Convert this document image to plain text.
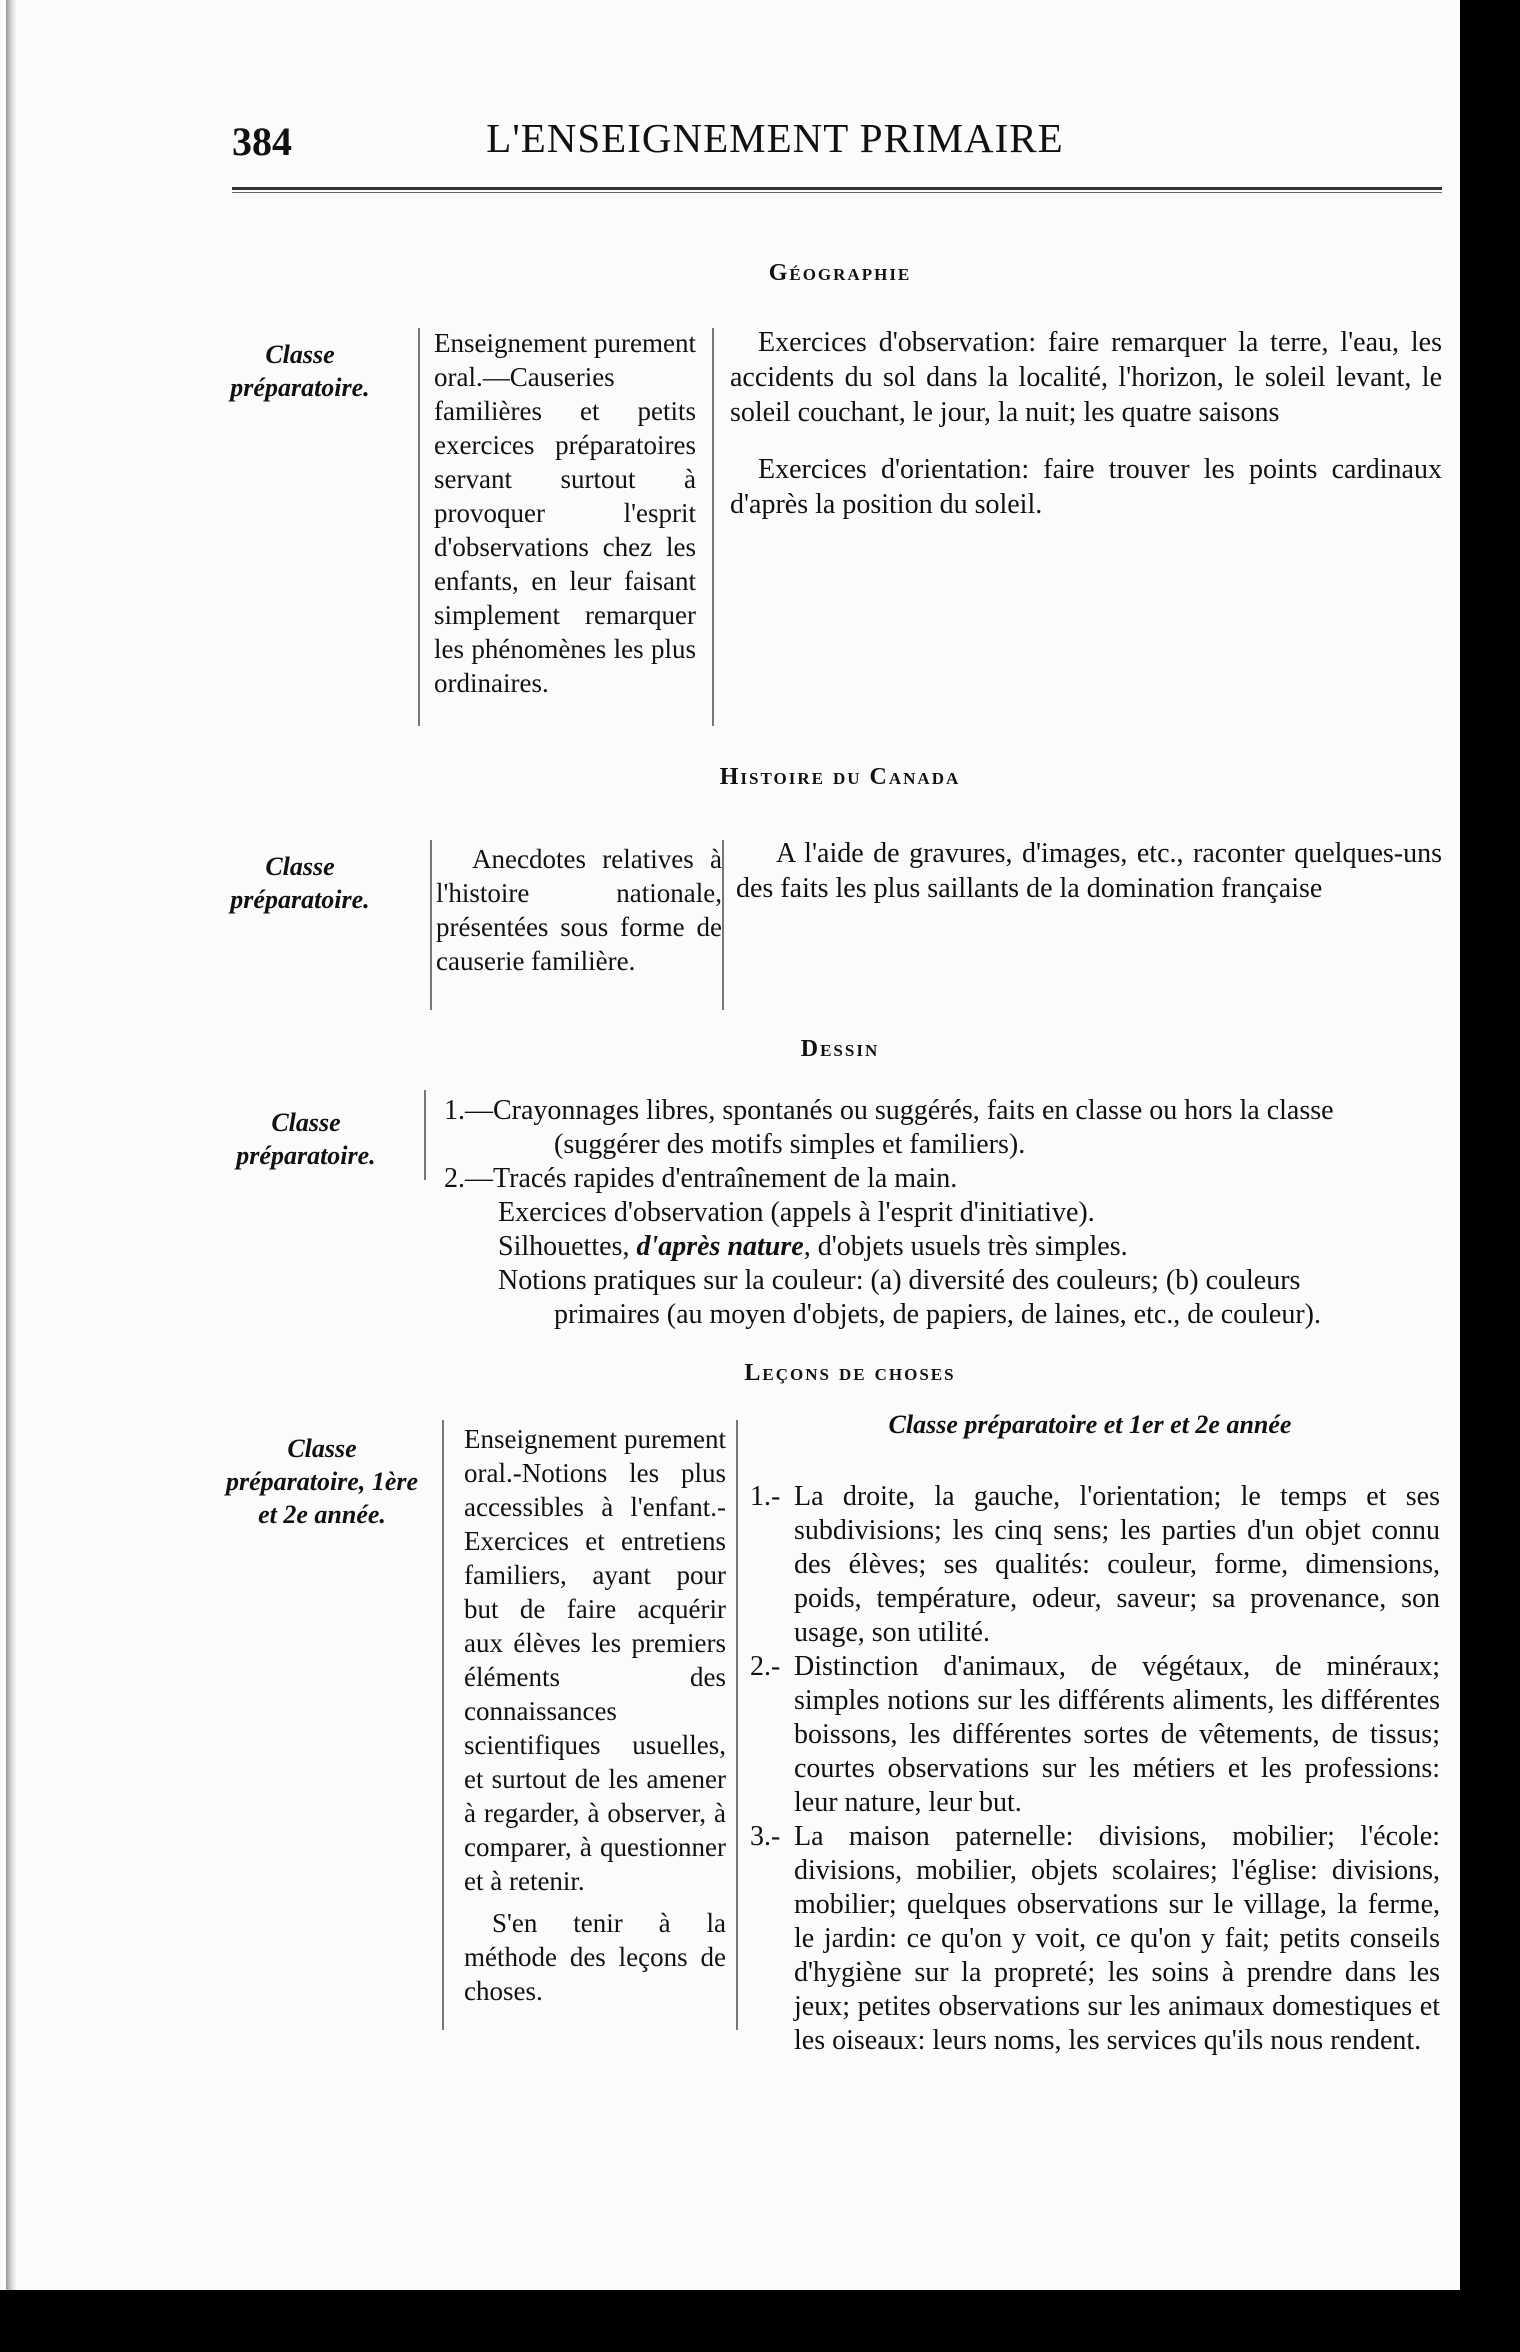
384	L'ENSEIGNEMENT PRIMAIRE
Géographie
Classe préparatoire.
Enseignement purement oral.—Causeries familières et petits exercices préparatoires servant surtout à provoquer l'esprit d'observations chez les enfants, en leur faisant simplement remarquer les phénomènes les plus ordinaires.

Exercices d'observation: faire remarquer la terre, l'eau, les accidents du sol dans la localité, l'horizon, le soleil levant, le soleil couchant, le jour, la nuit; les quatre saisons

Exercices d'orientation: faire trouver les points cardinaux d'après la position du soleil.

Histoire du Canada
Classe préparatoire.
Anecdotes relatives à l'histoire nationale, présentées sous forme de causerie familière.
A l'aide de gravures, d'images, etc., raconter quelques-uns des faits les plus saillants de la domination française
Dessin
Classe préparatoire.
1.—Crayonnages libres, spontanés ou suggérés, faits en classe ou hors la classe
(suggérer des motifs simples et familiers).
2.—Tracés rapides d'entraînement de la main.
Exercices d'observation (appels à l'esprit d'initiative).
Silhouettes, d'après nature, d'objets usuels très simples.
Notions pratiques sur la couleur: (a) diversité des couleurs; (b) couleurs
primaires (au moyen d'objets, de papiers, de laines, etc., de couleur).
Leçons de choses
Classe préparatoire et 1er et 2e année
Classe préparatoire, 1ère et 2e année.

Enseignement purement oral.-Notions les plus accessibles à l'enfant.-Exercices et entretiens familiers, ayant pour but de faire acquérir aux élèves les premiers éléments des connaissances scientifiques usuelles, et surtout de les amener à regarder, à observer, à comparer, à questionner et à retenir.

S'en tenir à la méthode des leçons de choses.

1.- La droite, la gauche, l'orientation; le temps et ses subdivisions; les cinq sens; les parties d'un objet connu des élèves; ses qualités: couleur, forme, dimensions, poids, température, odeur, saveur; sa provenance, son usage, son utilité.
2.- Distinction d'animaux, de végétaux, de minéraux; simples notions sur les différents aliments, les différentes boissons, les différentes sortes de vêtements, de tissus; courtes observations sur les métiers et les professions: leur nature, leur but.
3.- La maison paternelle: divisions, mobilier; l'école: divisions, mobilier, objets scolaires; l'église: divisions, mobilier; quelques observations sur le village, la ferme, le jardin: ce qu'on y voit, ce qu'on y fait; petits conseils d'hygiène sur la propreté; les soins à prendre dans les jeux; petites observations sur les animaux domestiques et les oiseaux: leurs noms, les services qu'ils nous rendent.
